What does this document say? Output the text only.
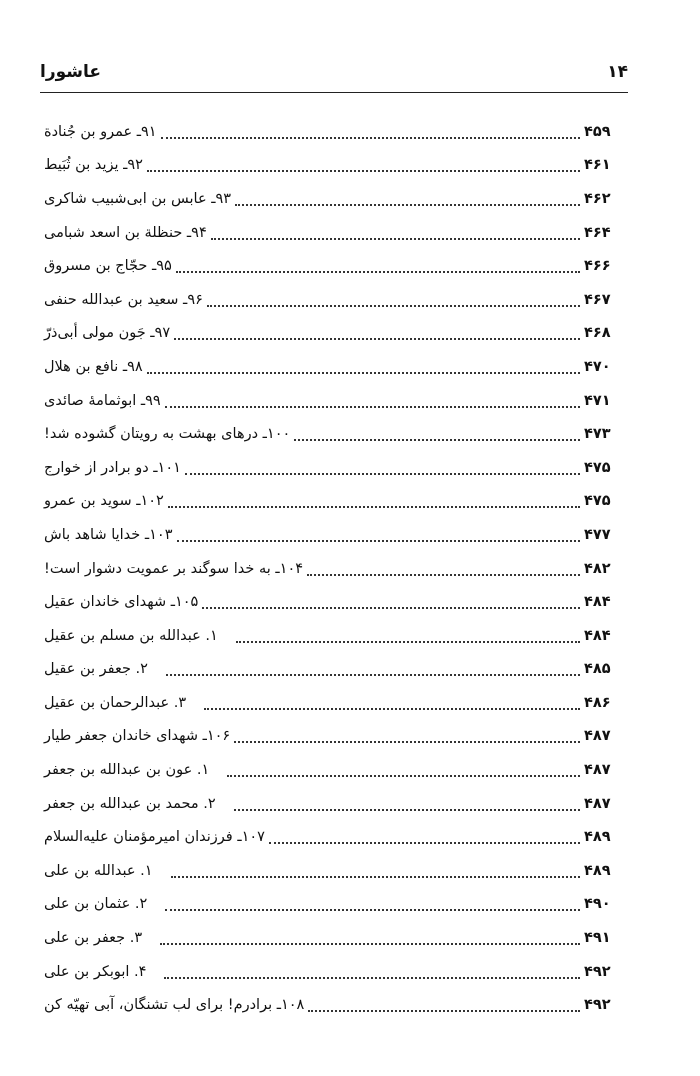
عاشورا	۱۴
۹۱ـ عمرو بن جُنادة	۴۵۹
۹۲ـ یزید بن ثُبَیط	۴۶۱
۹۳ـ عابس بن ابی‌شبیب شاکری	۴۶۲
۹۴ـ حنظلة بن اسعد شبامی	۴۶۴
۹۵ـ حجّاج بن مسروق	۴۶۶
۹۶ـ سعید بن عبدالله حنفی	۴۶۷
۹۷ـ جَون مولی أبی‌ذرّ	۴۶۸
۹۸ـ نافع بن هلال	۴۷۰
۹۹ـ ابوثمامهٔ صائدی	۴۷۱
۱۰۰ـ درهای بهشت به رویتان گشوده شد!	۴۷۳
۱۰۱ـ دو برادر از خوارج	۴۷۵
۱۰۲ـ سوید بن عمرو	۴۷۵
۱۰۳ـ خدایا شاهد باش	۴۷۷
۱۰۴ـ به خدا سوگند بر عمویت دشوار است!	۴۸۲
۱۰۵ـ شهدای خاندان عقیل	۴۸۴
۱. عبدالله بن مسلم بن عقیل	۴۸۴
۲. جعفر بن عقیل	۴۸۵
۳. عبدالرحمان بن عقیل	۴۸۶
۱۰۶ـ شهدای خاندان جعفر طیار	۴۸۷
۱. عون بن عبدالله بن جعفر	۴۸۷
۲. محمد بن عبدالله بن جعفر	۴۸۷
۱۰۷ـ فرزندان امیرمؤمنان علیه‌السلام	۴۸۹
۱. عبدالله بن علی	۴۸۹
۲. عثمان بن علی	۴۹۰
۳. جعفر بن علی	۴۹۱
۴. ابوبکر بن علی	۴۹۲
۱۰۸ـ برادرم! برای لب تشنگان، آبی تهیّه کن	۴۹۲
